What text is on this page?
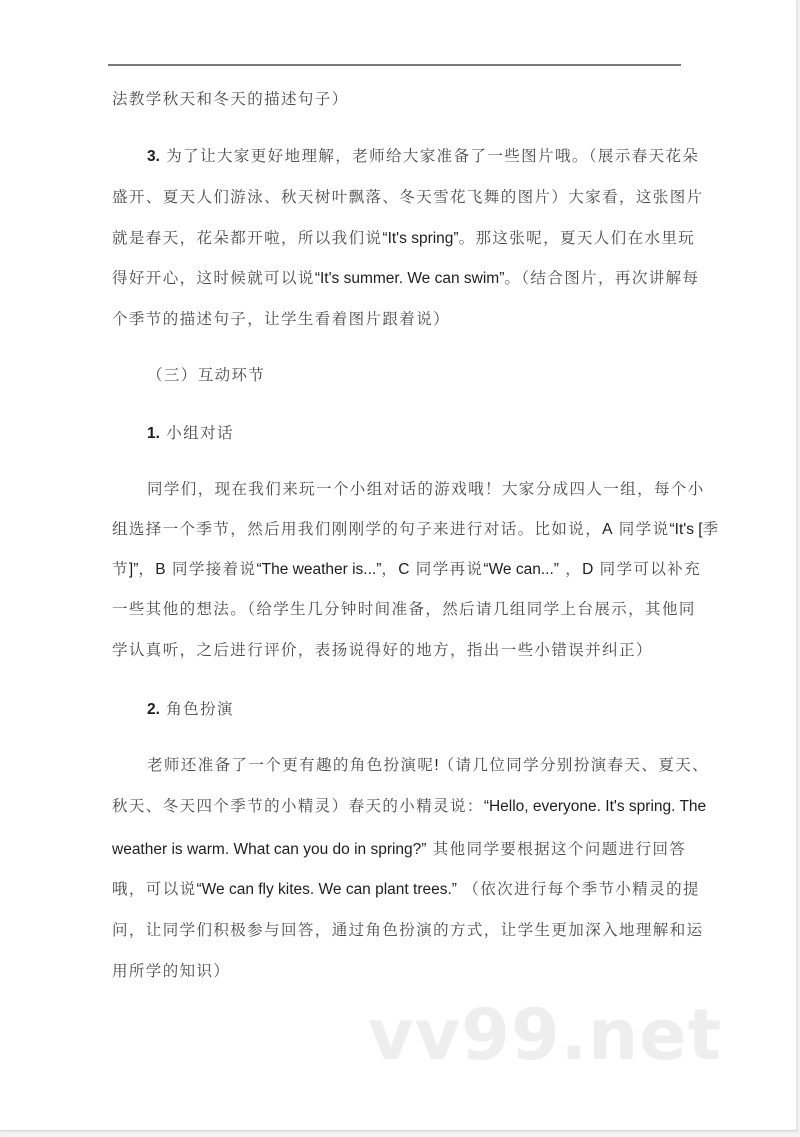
法教学秋天和冬天的描述句子）
3. 为了让大家更好地理解，老师给大家准备了一些图片哦。（展示春天花朵
盛开、夏天人们游泳、秋天树叶飘落、冬天雪花飞舞的图片）大家看，这张图片
就是春天，花朵都开啦，所以我们说“It's spring”。那这张呢，夏天人们在水里玩
得好开心，这时候就可以说“It's summer. We can swim”。（结合图片，再次讲解每
个季节的描述句子，让学生看着图片跟着说）
（三）互动环节
1. 小组对话
同学们，现在我们来玩一个小组对话的游戏哦！大家分成四人一组，每个小
组选择一个季节，然后用我们刚刚学的句子来进行对话。比如说，A 同学说“It's [季
节]”，B 同学接着说“The weather is...”，C 同学再说“We can...” ，D 同学可以补充
一些其他的想法。（给学生几分钟时间准备，然后请几组同学上台展示，其他同
学认真听，之后进行评价，表扬说得好的地方，指出一些小错误并纠正）
2. 角色扮演
老师还准备了一个更有趣的角色扮演呢!（请几位同学分别扮演春天、夏天、
秋天、冬天四个季节的小精灵）春天的小精灵说：“Hello, everyone. It's spring. The
weather is warm. What can you do in spring?” 其他同学要根据这个问题进行回答
哦，可以说“We can fly kites. We can plant trees.” （依次进行每个季节小精灵的提
问，让同学们积极参与回答，通过角色扮演的方式，让学生更加深入地理解和运
用所学的知识）
vv99.net
